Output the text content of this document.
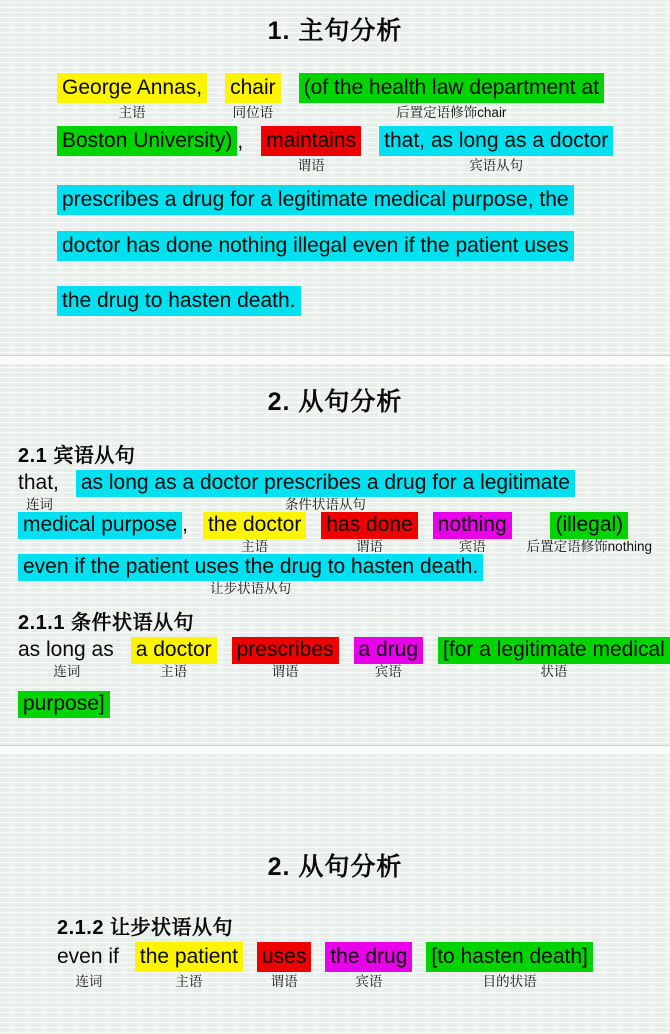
1. 主句分析
George Annas,
主语
chair
同位语
(of the health law department at
后置定语修饰chair
Boston University) , maintains
谓语
that, as long as a doctor
宾语从句
prescribes a drug for a legitimate medical purpose, the
doctor has done nothing illegal even if the patient uses
the drug to hasten death.
2. 从句分析
2.1 宾语从句
that,
连词
as long as a doctor prescribes a drug for a legitimate
条件状语从句
medical purpose , the doctor
主语
has done
谓语
nothing
宾语
(illegal)
后置定语修饰nothing
even if the patient uses the drug to hasten death.
让步状语从句
2.1.1 条件状语从句
as long as
连词
a doctor
主语
prescribes
谓语
a drug
宾语
[for a legitimate medical
状语
purpose]
2. 从句分析
2.1.2 让步状语从句
even if
连词
the patient
主语
uses
谓语
the drug
宾语
[to hasten death]
目的状语
